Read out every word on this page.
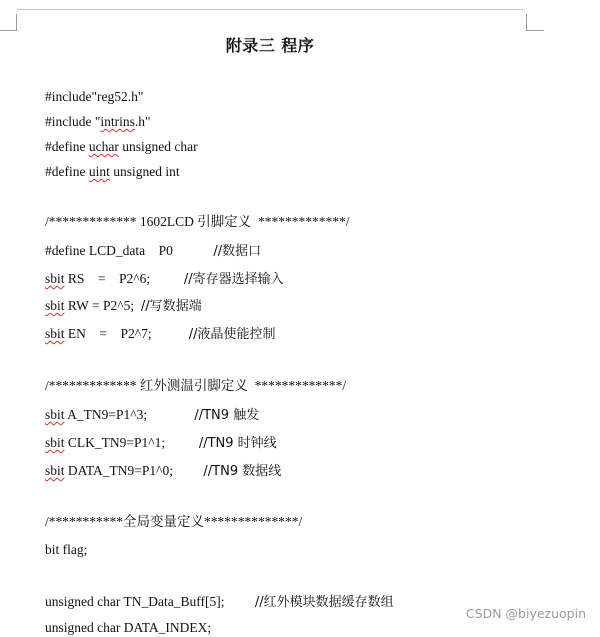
附录三 程序
#include"reg52.h"
#include "intrins.h"
#define uchar unsigned char
#define uint unsigned int
/************* 1602LCD 引脚定义  *************/
#define LCD_data    P0            //数据口
sbit RS    =    P2^6;          //寄存器选择输入
sbit RW = P2^5;  //写数据端
sbit EN    =    P2^7;           //液晶使能控制
/************* 红外测温引脚定义  *************/
sbit A_TN9=P1^3;              //TN9 触发
sbit CLK_TN9=P1^1;          //TN9 时钟线
sbit DATA_TN9=P1^0;         //TN9 数据线
/***********全局变量定义**************/
bit flag;
unsigned char TN_Data_Buff[5];         //红外模块数据缓存数组
unsigned char DATA_INDEX;
CSDN @biyezuopin
